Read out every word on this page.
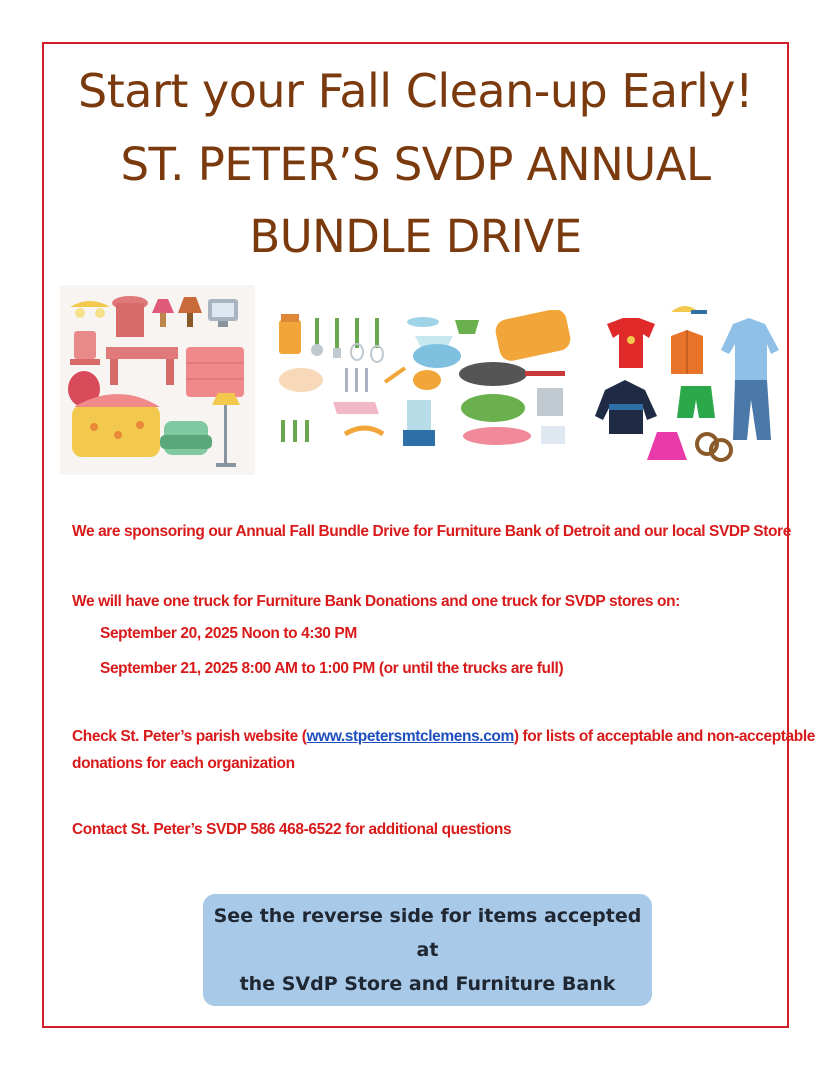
Start your Fall Clean-up Early!
ST. PETER’S SVDP ANNUAL
BUNDLE DRIVE
We are sponsoring our Annual Fall Bundle Drive for Furniture Bank of Detroit and our local SVDP Store
We will have one truck for Furniture Bank Donations and one truck for SVDP stores on:
September 20, 2025 Noon to 4:30 PM
September 21, 2025 8:00 AM to 1:00 PM (or until the trucks are full)
Check St. Peter’s parish website (www.stpetersmtclemens.com) for lists of acceptable and non-acceptable
donations for each organization
Contact St. Peter’s SVDP 586 468-6522 for additional questions
See the reverse side for items accepted at
the SVdP Store and Furniture Bank
